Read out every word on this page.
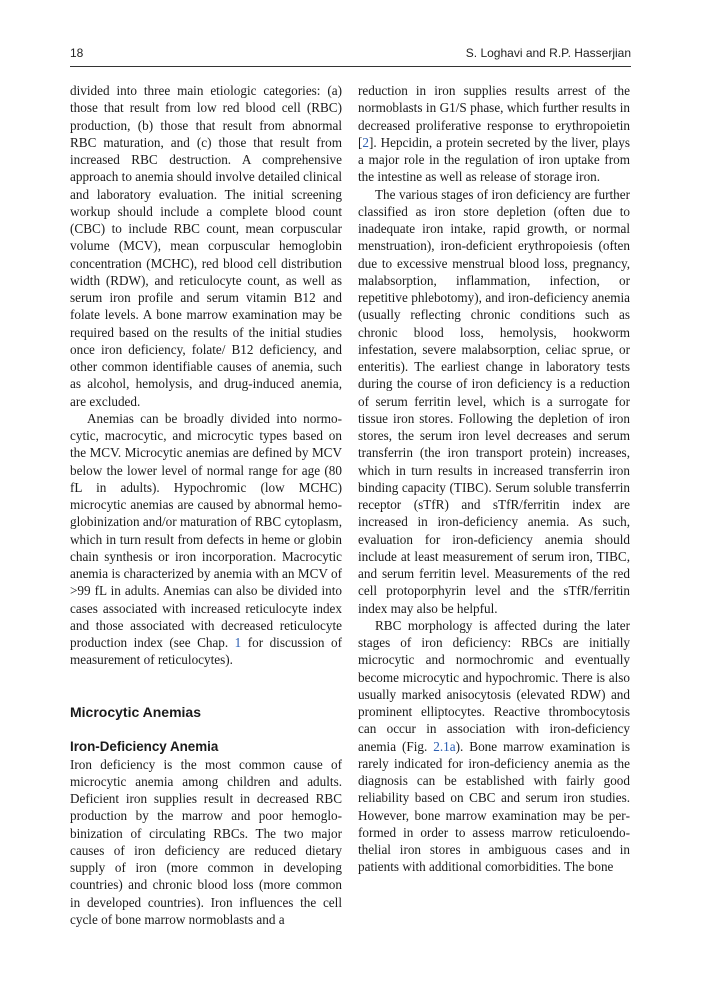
18	S. Loghavi and R.P. Hasserjian

divided into three main etiologic categories: (a) those that result from low red blood cell (RBC) production, (b) those that result from abnormal RBC maturation, and (c) those that result from increased RBC destruction. A comprehensive approach to anemia should involve detailed clinical and laboratory evaluation. The initial screening workup should include a complete blood count (CBC) to include RBC count, mean corpuscular volume (MCV), mean corpuscular hemoglobin concentration (MCHC), red blood cell distribution width (RDW), and reticulocyte count, as well as serum iron profile and serum vitamin B12 and folate levels. A bone marrow examination may be required based on the results of the initial studies once iron deficiency, folate/ B12 deficiency, and other common identifiable causes of anemia, such as alcohol, hemolysis, and drug-induced anemia, are excluded.

Anemias can be broadly divided into normocytic, macrocytic, and microcytic types based on the MCV. Microcytic anemias are defined by MCV below the lower level of normal range for age (80 fL in adults). Hypochromic (low MCHC) microcytic anemias are caused by abnormal hemoglobinization and/or maturation of RBC cytoplasm, which in turn result from defects in heme or globin chain synthesis or iron incorporation. Macrocytic anemia is characterized by anemia with an MCV of >99 fL in adults. Anemias can also be divided into cases associated with increased reticulocyte index and those associated with decreased reticulocyte production index (see Chap. 1 for discussion of measurement of reticulocytes).

Microcytic Anemias
Iron-Deficiency Anemia

Iron deficiency is the most common cause of microcytic anemia among children and adults. Deficient iron supplies result in decreased RBC production by the marrow and poor hemoglobinization of circulating RBCs. The two major causes of iron deficiency are reduced dietary supply of iron (more common in developing countries) and chronic blood loss (more common in developed countries). Iron influences the cell cycle of bone marrow normoblasts and a

reduction in iron supplies results arrest of the normoblasts in G1/S phase, which further results in decreased proliferative response to erythropoietin [2]. Hepcidin, a protein secreted by the liver, plays a major role in the regulation of iron uptake from the intestine as well as release of storage iron.

The various stages of iron deficiency are further classified as iron store depletion (often due to inadequate iron intake, rapid growth, or normal menstruation), iron-deficient erythropoiesis (often due to excessive menstrual blood loss, pregnancy, malabsorption, inflammation, infection, or repetitive phlebotomy), and iron-deficiency anemia (usually reflecting chronic conditions such as chronic blood loss, hemolysis, hookworm infestation, severe malabsorption, celiac sprue, or enteritis). The earliest change in laboratory tests during the course of iron deficiency is a reduction of serum ferritin level, which is a surrogate for tissue iron stores. Following the depletion of iron stores, the serum iron level decreases and serum transferrin (the iron transport protein) increases, which in turn results in increased transferrin iron binding capacity (TIBC). Serum soluble transferrin receptor (sTfR) and sTfR/ferritin index are increased in iron-deficiency anemia. As such, evaluation for iron-deficiency anemia should include at least measurement of serum iron, TIBC, and serum ferritin level. Measurements of the red cell protoporphyrin level and the sTfR/ferritin index may also be helpful.

RBC morphology is affected during the later stages of iron deficiency: RBCs are initially microcytic and normochromic and eventually become microcytic and hypochromic. There is also usually marked anisocytosis (elevated RDW) and prominent elliptocytes. Reactive thrombocytosis can occur in association with iron-deficiency anemia (Fig. 2.1a). Bone marrow examination is rarely indicated for iron-deficiency anemia as the diagnosis can be established with fairly good reliability based on CBC and serum iron studies. However, bone marrow examination may be performed in order to assess marrow reticuloendothelial iron stores in ambiguous cases and in patients with additional comorbidities. The bone
